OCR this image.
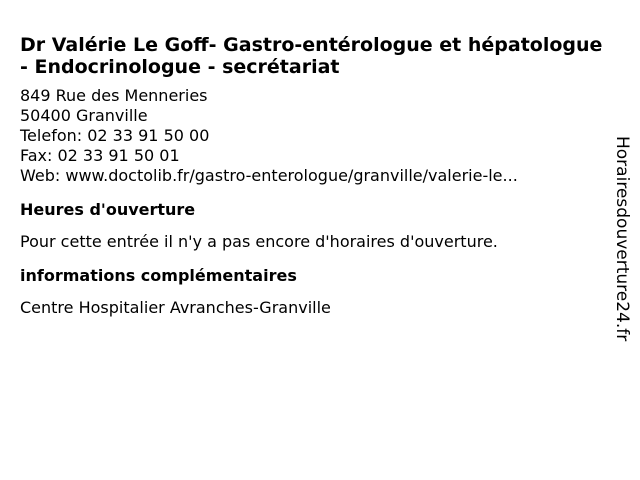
Dr Valérie Le Goff- Gastro-entérologue et hépatologue - Endocrinologue - secrétariat
849 Rue des Menneries
50400 Granville
Telefon: 02 33 91 50 00
Fax: 02 33 91 50 01
Web: www.doctolib.fr/gastro-enterologue/granville/valerie-le...
Heures d'ouverture
Pour cette entrée il n'y a pas encore d'horaires d'ouverture.
informations complémentaires
Centre Hospitalier Avranches-Granville	Horairesdouverture24.fr
